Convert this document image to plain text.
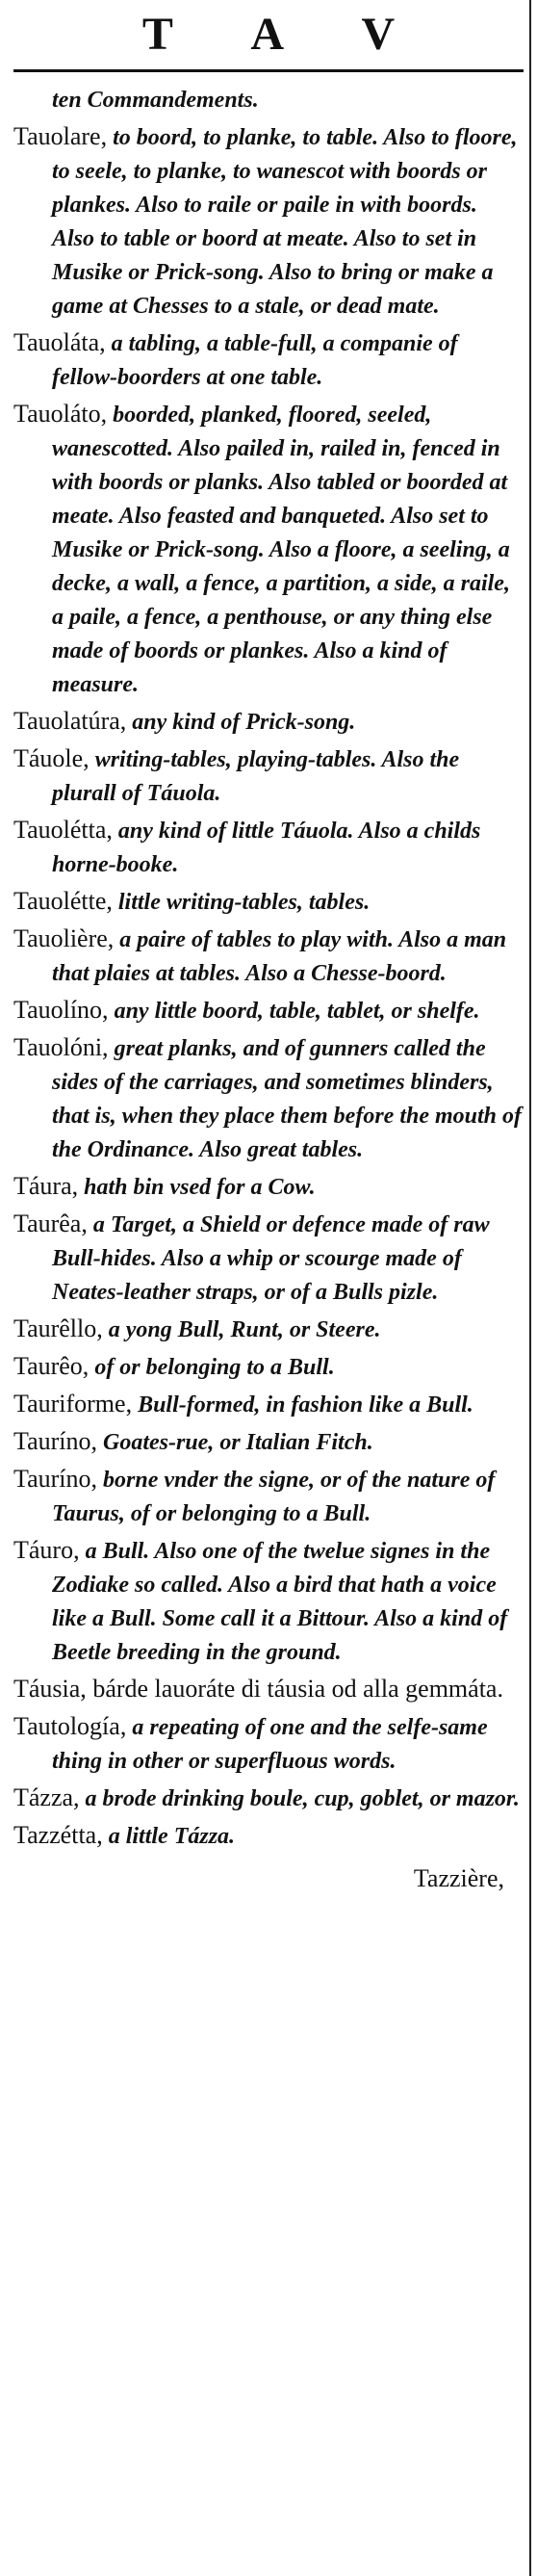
T A V

ten Commandements.

Tauolare, to boord, to planke, to table. Also to floore, to seele, to planke, to wanescot with boords or plankes. Also to raile or paile in with boords. Also to table or boord at meate. Also to set in Musike or Prick-song. Also to bring or make a game at Chesses to a stale, or dead mate.

Tauoláta, a tabling, a table-full, a companie of fellow-boorders at one table.

Tauoláto, boorded, planked, floored, seeled, wanescotted. Also pailed in, railed in, fenced in with boords or planks. Also tabled or boorded at meate. Also feasted and banqueted. Also set to Musike or Prick-song. Also a floore, a seeling, a decke, a wall, a fence, a partition, a side, a raile, a paile, a fence, a penthouse, or any thing else made of boords or plankes. Also a kind of measure.

Tauolatúra, any kind of Prick-song.

Táuole, writing-tables, playing-tables. Also the plurall of Táuola.

Tauolétta, any kind of little Táuola. Also a childs horne-booke.

Tauolétte, little writing-tables, tables.

Tauolière, a paire of tables to play with. Also a man that plaies at tables. Also a Chesse-boord.

Tauolíno, any little boord, table, tablet, or shelfe.

Tauolóni, great planks, and of gunners called the sides of the carriages, and sometimes blinders, that is, when they place them before the mouth of the Ordinance. Also great tables.

Táura, hath bin vsed for a Cow.

Taurêa, a Target, a Shield or defence made of raw Bull-hides. Also a whip or scourge made of Neates-leather straps, or of a Bulls pizle.

Taurêllo, a yong Bull, Runt, or Steere.

Taurêo, of or belonging to a Bull.

Tauriforme, Bull-formed, in fashion like a Bull.

Tauríno, Goates-rue, or Italian Fitch.

Tauríno, borne vnder the signe, or of the nature of Taurus, of or belonging to a Bull.

Táuro, a Bull. Also one of the twelue signes in the Zodiake so called. Also a bird that hath a voice like a Bull. Some call it a Bittour. Also a kind of Beetle breeding in the ground.

Táusia, bárde lauoráte di táusia od alla gemmáta.

Tautología, a repeating of one and the selfe-same thing in other or superfluous words.

Tázza, a brode drinking boule, cup, goblet, or mazor.

Tazzétta, a little Tázza.

Tazzière,
